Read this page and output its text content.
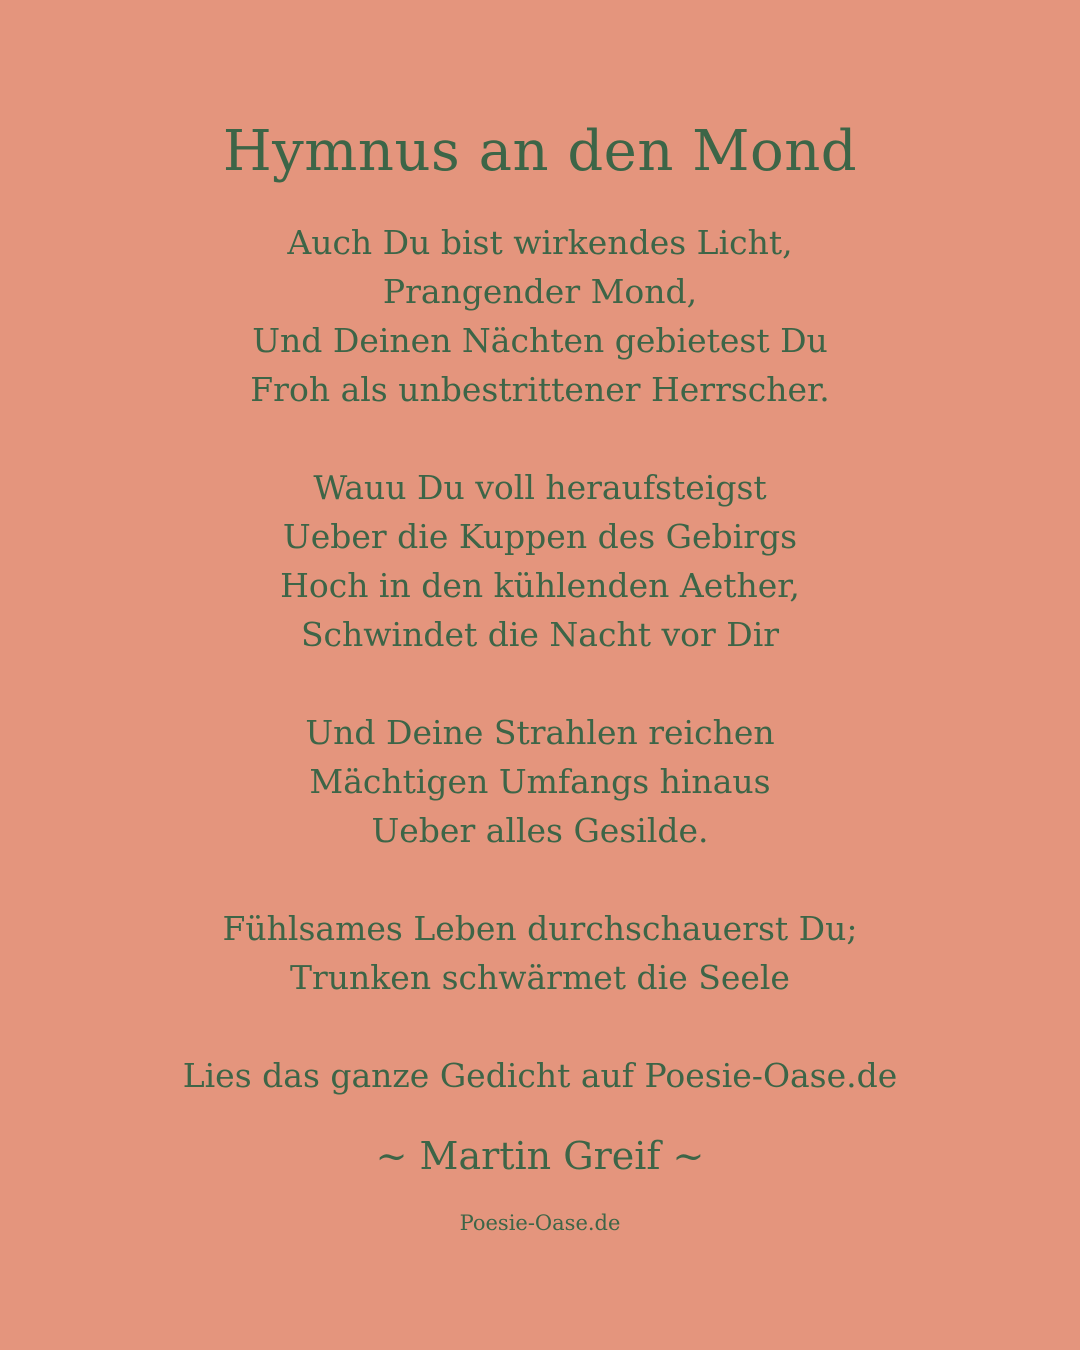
Hymnus an den Mond
Auch Du bist wirkendes Licht,
Prangender Mond,
Und Deinen Nächten gebietest Du
Froh als unbestrittener Herrscher.
Wauu Du voll heraufsteigst
Ueber die Kuppen des Gebirgs
Hoch in den kühlenden Aether,
Schwindet die Nacht vor Dir
Und Deine Strahlen reichen
Mächtigen Umfangs hinaus
Ueber alles Gesilde.
Fühlsames Leben durchschauerst Du;
Trunken schwärmet die Seele
Lies das ganze Gedicht auf Poesie-Oase.de
~ Martin Greif ~
Poesie-Oase.de
